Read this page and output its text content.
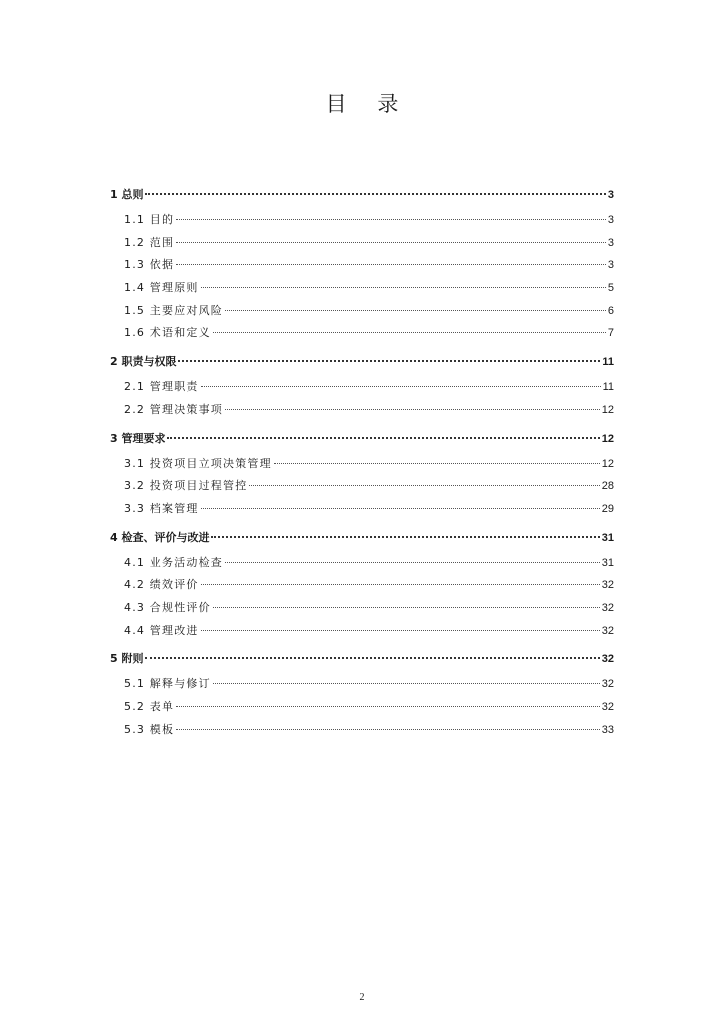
目 录
1 总则	3
1.1 目的	3
1.2 范围	3
1.3 依据	3
1.4 管理原则	5
1.5 主要应对风险	6
1.6 术语和定义	7
2 职责与权限	11
2.1 管理职责	11
2.2 管理决策事项	12
3 管理要求	12
3.1 投资项目立项决策管理	12
3.2 投资项目过程管控	28
3.3 档案管理	29
4 检查、评价与改进	31
4.1 业务活动检查	31
4.2 绩效评价	32
4.3 合规性评价	32
4.4 管理改进	32
5 附则	32
5.1 解释与修订	32
5.2 表单	32
5.3 模板	33
2
